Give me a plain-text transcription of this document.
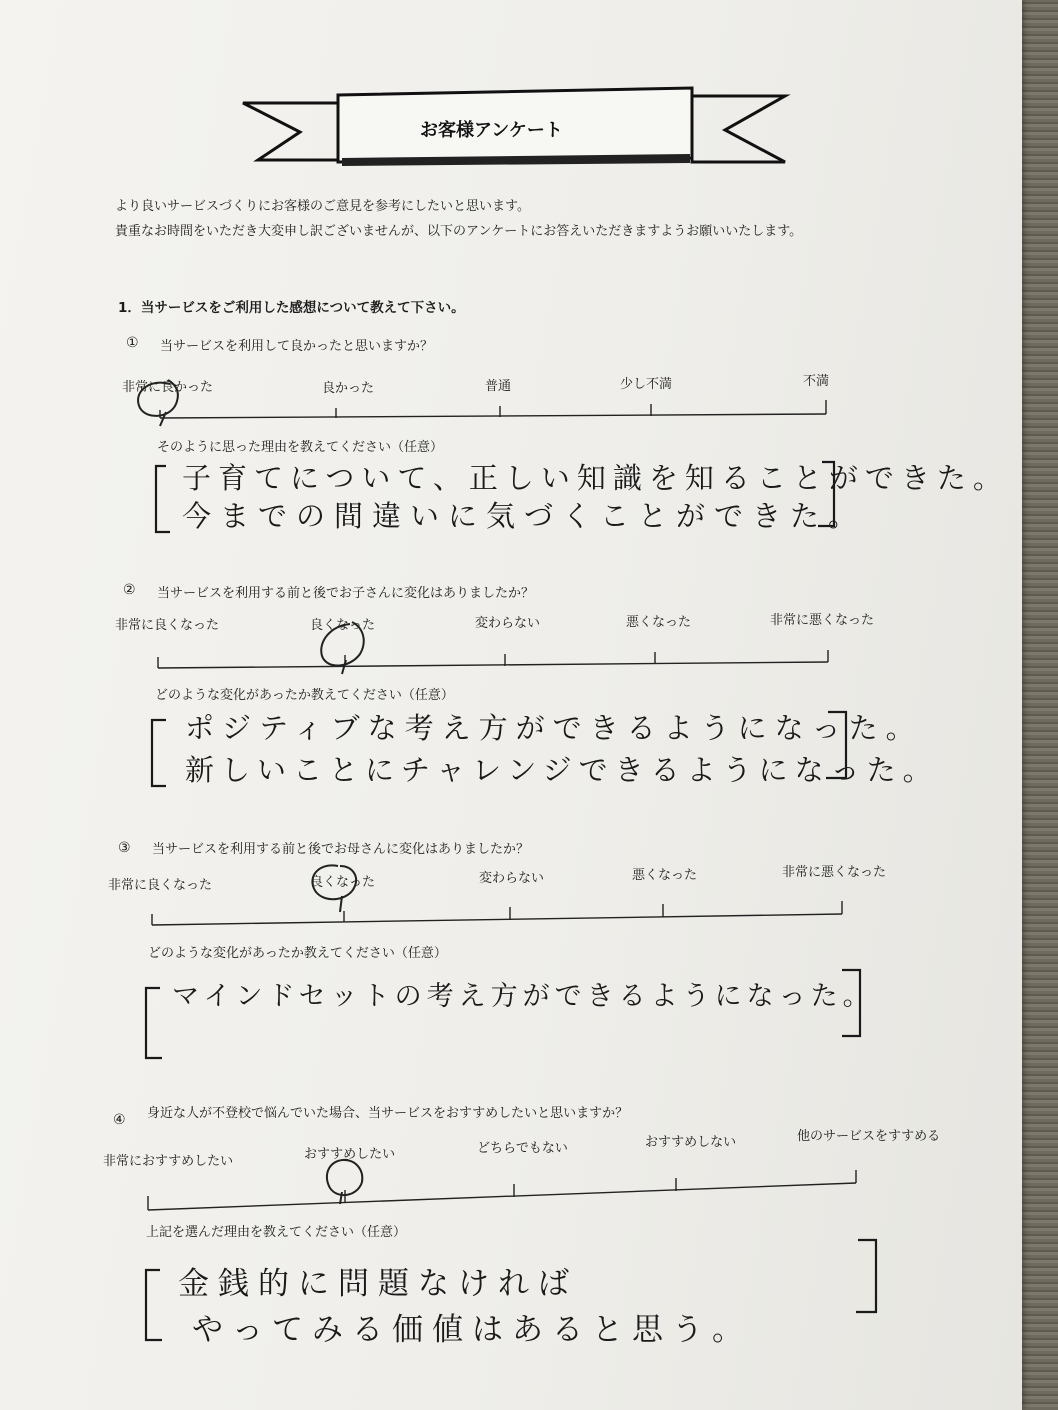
お客様アンケート
より良いサービスづくりにお客様のご意見を参考にしたいと思います。
貴重なお時間をいただき大変申し訳ございませんが、以下のアンケートにお答えいただきますようお願いいたします。
1．当サービスをご利用した感想について教えて下さい。
① 当サービスを利用して良かったと思いますか？
非常に良かった	良かった	普通	少し不満	不満
そのように思った理由を教えてください（任意）
子育てについて、正しい知識を知ることができた。
今までの間違いに気づくことができた。
② 当サービスを利用する前と後でお子さんに変化はありましたか？
非常に良くなった	良くなった	変わらない	悪くなった	非常に悪くなった
どのような変化があったか教えてください（任意）
ポジティブな考え方ができるようになった。
新しいことにチャレンジできるようになった。
③ 当サービスを利用する前と後でお母さんに変化はありましたか？
非常に良くなった	良くなった	変わらない	悪くなった	非常に悪くなった
どのような変化があったか教えてください（任意）
マインドセットの考え方ができるようになった。
④ 身近な人が不登校で悩んでいた場合、当サービスをおすすめしたいと思いますか？
非常におすすめしたい	おすすめしたい	どちらでもない	おすすめしない	他のサービスをすすめる
上記を選んだ理由を教えてください（任意）
金銭的に問題なければ
やってみる価値はあると思う。
